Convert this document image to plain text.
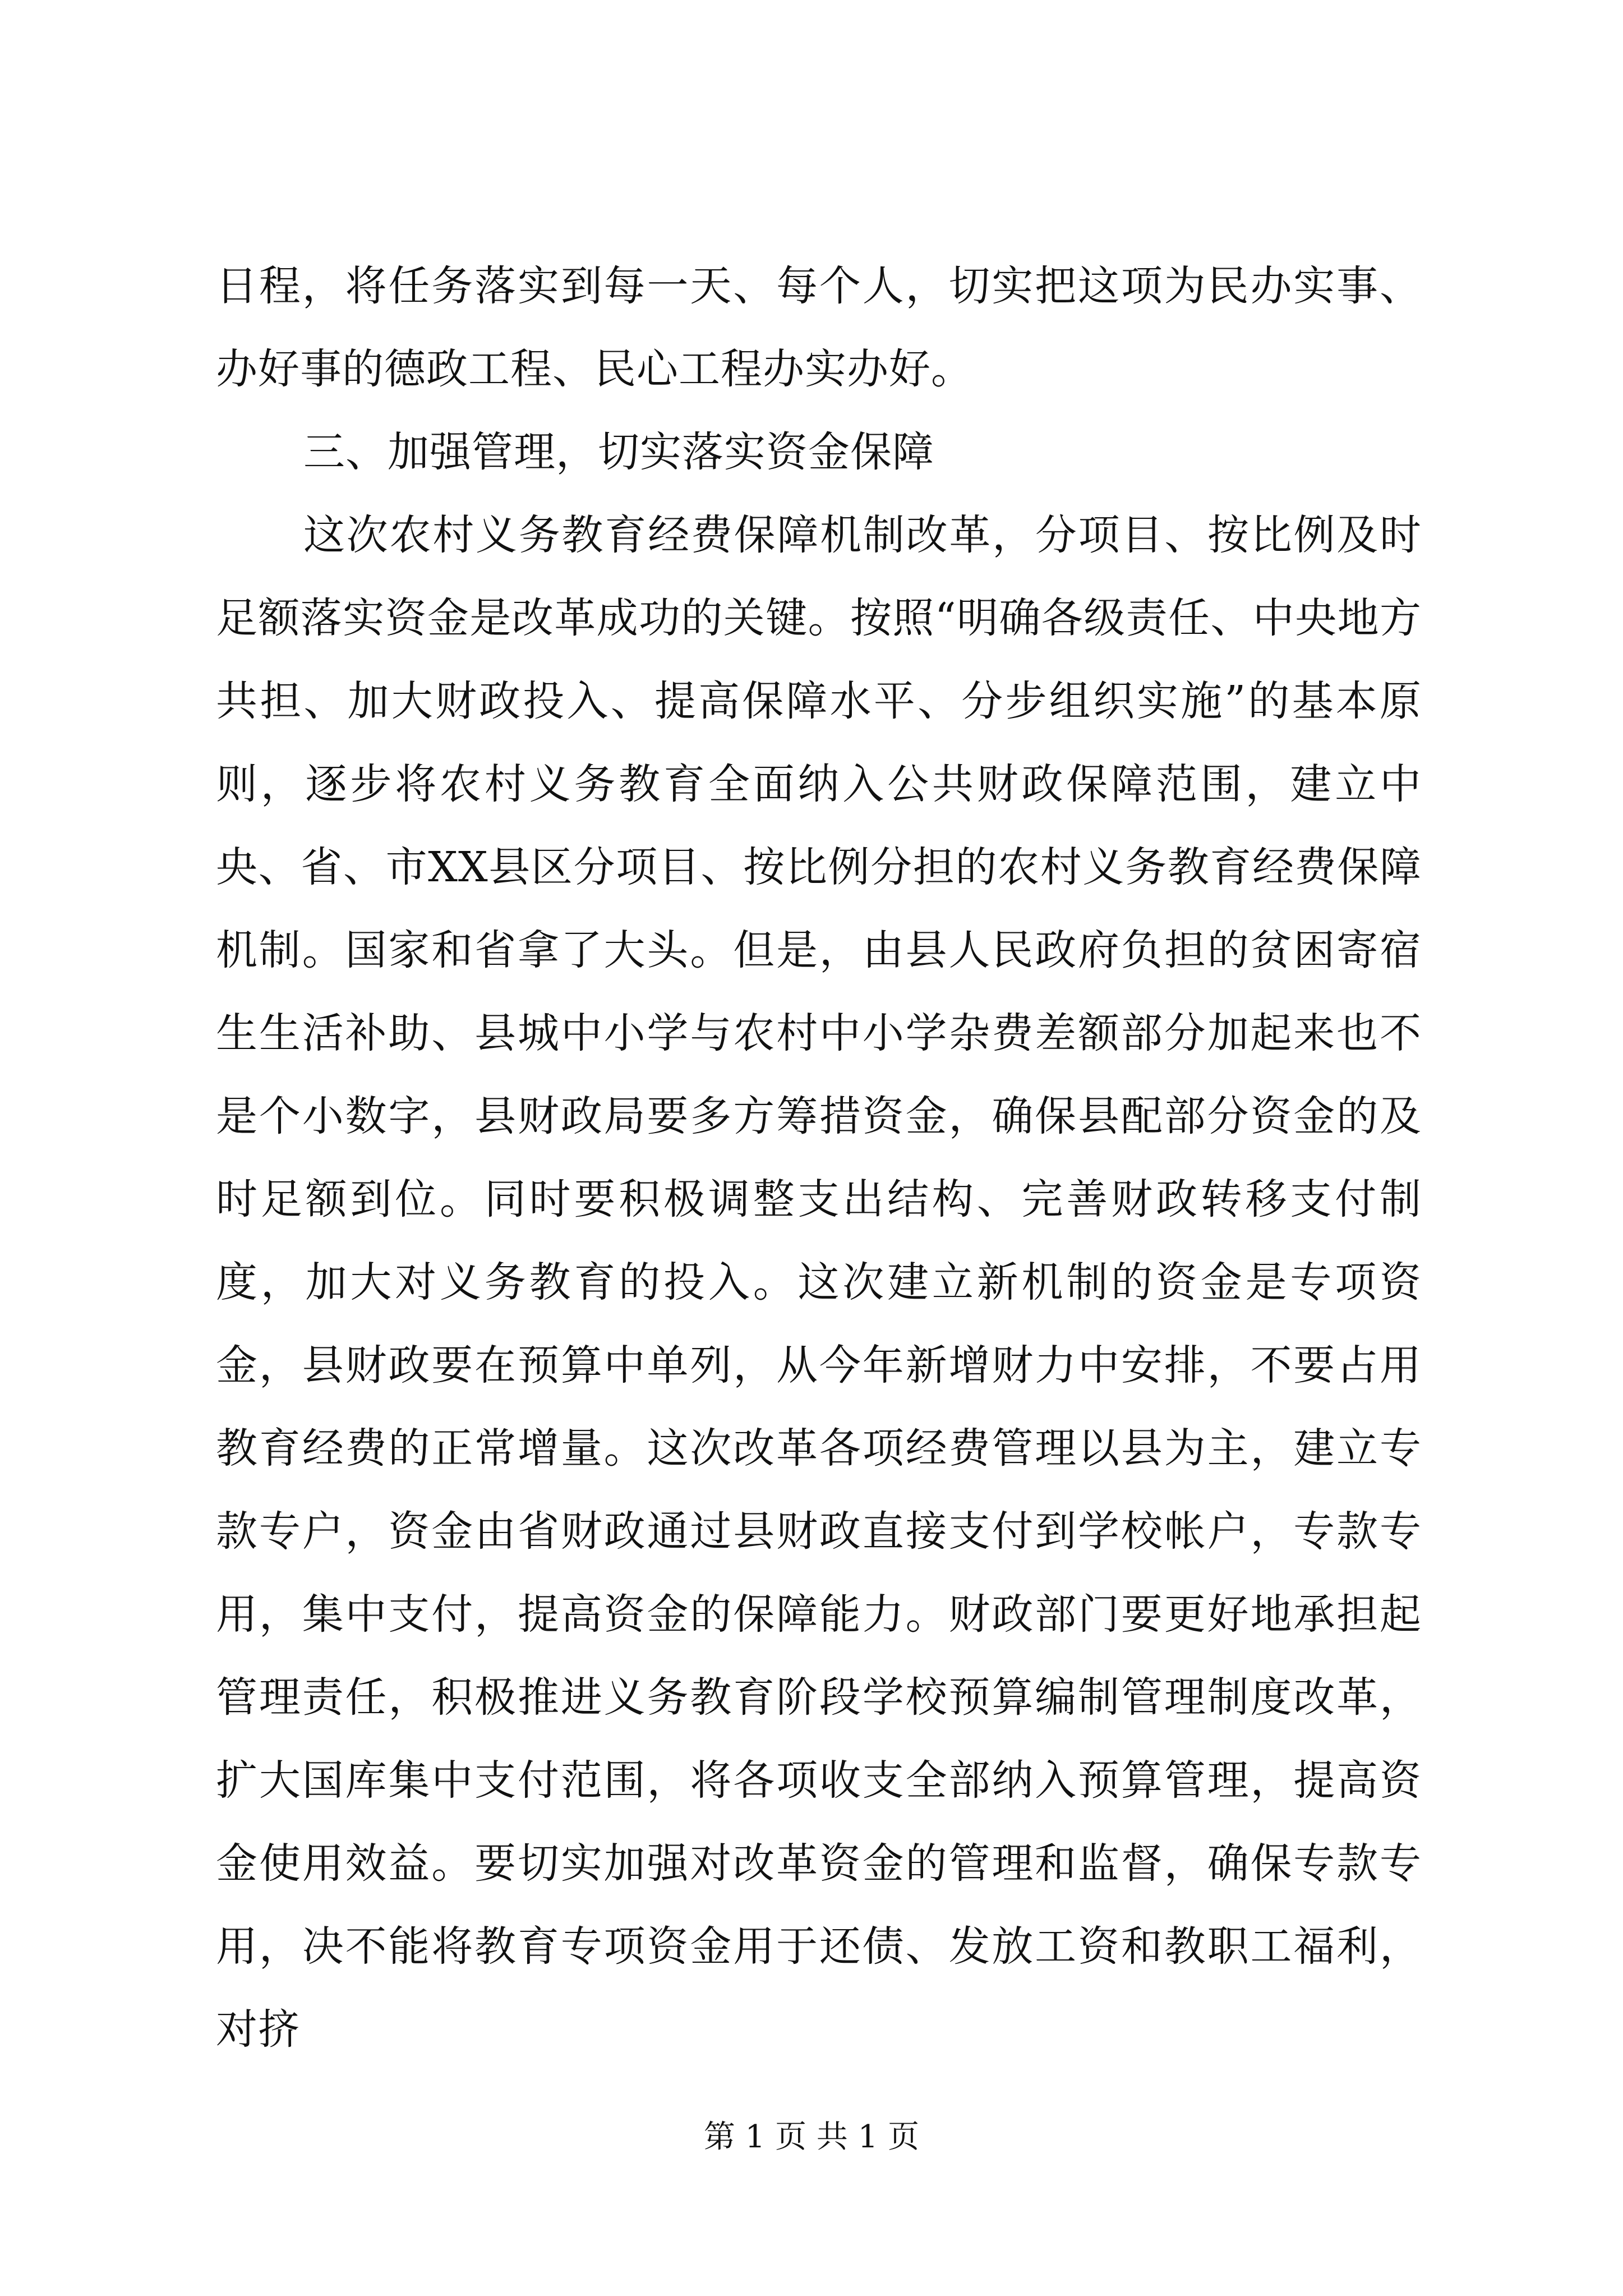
日程，将任务落实到每一天、每个人，切实把这项为民办实事、办好事的德政工程、民心工程办实办好。

三、加强管理，切实落实资金保障

这次农村义务教育经费保障机制改革，分项目、按比例及时足额落实资金是改革成功的关键。按照“明确各级责任、中央地方共担、加大财政投入、提高保障水平、分步组织实施”的基本原则，逐步将农村义务教育全面纳入公共财政保障范围，建立中央、省、市XX县区分项目、按比例分担的农村义务教育经费保障机制。国家和省拿了大头。但是，由县人民政府负担的贫困寄宿生生活补助、县城中小学与农村中小学杂费差额部分加起来也不是个小数字，县财政局要多方筹措资金，确保县配部分资金的及时足额到位。同时要积极调整支出结构、完善财政转移支付制度，加大对义务教育的投入。这次建立新机制的资金是专项资金，县财政要在预算中单列，从今年新增财力中安排，不要占用教育经费的正常增量。这次改革各项经费管理以县为主，建立专款专户，资金由省财政通过县财政直接支付到学校帐户，专款专用，集中支付，提高资金的保障能力。财政部门要更好地承担起管理责任，积极推进义务教育阶段学校预算编制管理制度改革，扩大国库集中支付范围，将各项收支全部纳入预算管理，提高资金使用效益。要切实加强对改革资金的管理和监督，确保专款专用，决不能将教育专项资金用于还债、发放工资和教职工福利，对挤

第 1 页 共 1 页
